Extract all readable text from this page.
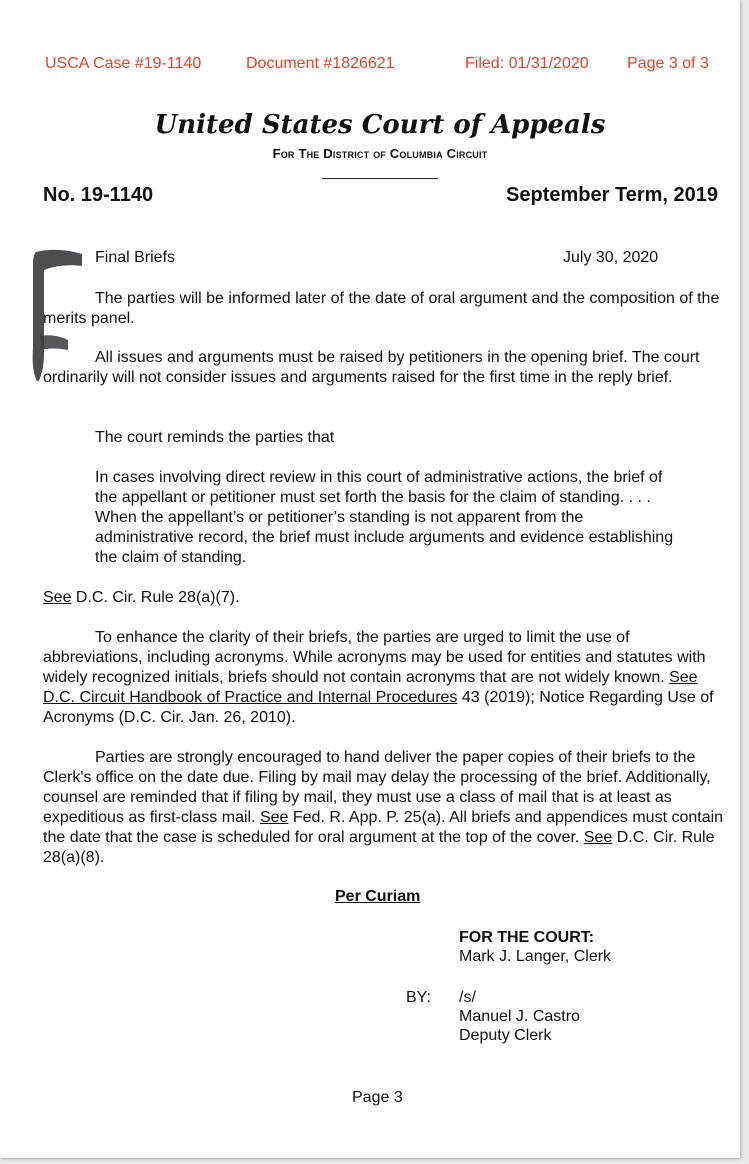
USCA Case #19-1140	Document #1826621	Filed: 01/31/2020 Page 3 of 3
United States Court of Appeals
For The District of Columbia Circuit
No. 19-1140	September Term, 2019
Final Briefs	July 30, 2020
The parties will be informed later of the date of oral argument and the composition of the merits panel.
All issues and arguments must be raised by petitioners in the opening brief. The court ordinarily will not consider issues and arguments raised for the first time in the reply brief.
The court reminds the parties that
In cases involving direct review in this court of administrative actions, the brief of the appellant or petitioner must set forth the basis for the claim of standing. . . . When the appellant’s or petitioner’s standing is not apparent from the administrative record, the brief must include arguments and evidence establishing the claim of standing.
See D.C. Cir. Rule 28(a)(7).
To enhance the clarity of their briefs, the parties are urged to limit the use of abbreviations, including acronyms. While acronyms may be used for entities and statutes with widely recognized initials, briefs should not contain acronyms that are not widely known. See D.C. Circuit Handbook of Practice and Internal Procedures 43 (2019); Notice Regarding Use of Acronyms (D.C. Cir. Jan. 26, 2010).
Parties are strongly encouraged to hand deliver the paper copies of their briefs to the Clerk's office on the date due. Filing by mail may delay the processing of the brief. Additionally, counsel are reminded that if filing by mail, they must use a class of mail that is at least as expeditious as first-class mail. See Fed. R. App. P. 25(a). All briefs and appendices must contain the date that the case is scheduled for oral argument at the top of the cover. See D.C. Cir. Rule 28(a)(8).
Per Curiam
FOR THE COURT:
Mark J. Langer, Clerk
BY: /s/
Manuel J. Castro
Deputy Clerk
Page 3
